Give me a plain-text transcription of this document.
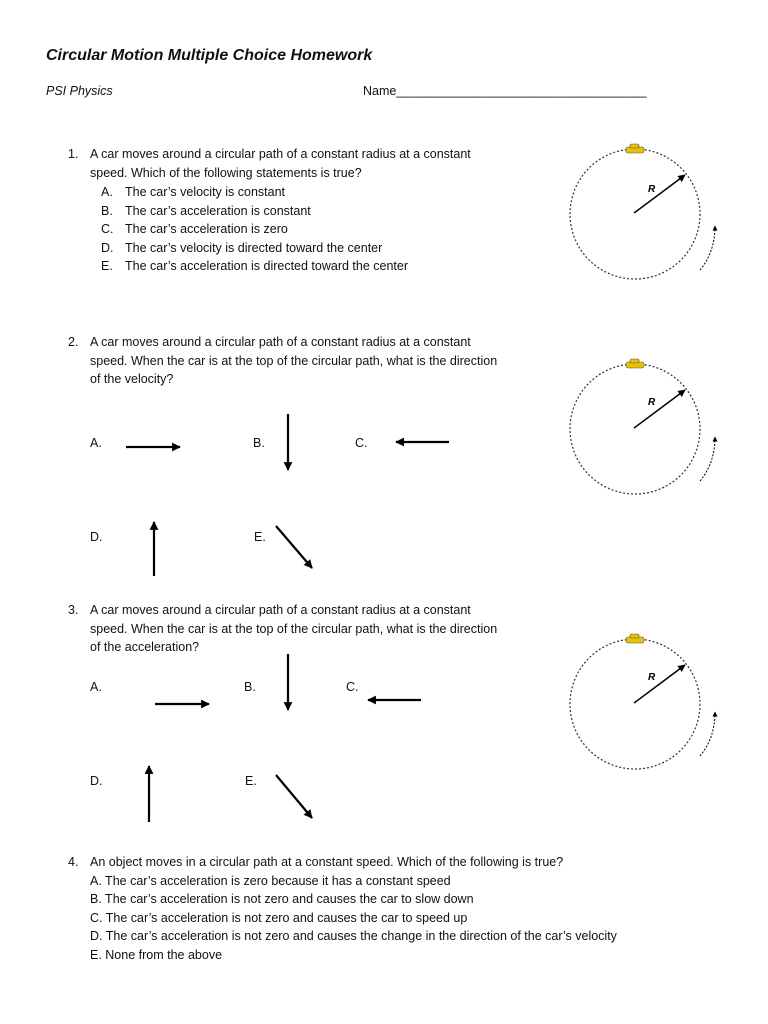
Circular Motion Multiple Choice Homework
PSI Physics	Name____________________________________
1. A car moves around a circular path of a constant radius at a constant
speed. Which of the following statements is true?
A. The car’s velocity is constant
B. The car’s acceleration is constant
C. The car’s acceleration is zero
D. The car’s velocity is directed toward the center
E. The car’s acceleration is directed toward the center
R
2. A car moves around a circular path of a constant radius at a constant
speed. When the car is at the top of the circular path, what is the direction
of the velocity?
A.	B.	C.
D.	E.
R
3. A car moves around a circular path of a constant radius at a constant
speed. When the car is at the top of the circular path, what is the direction
of the acceleration?
A.	B.	C.
D.	E.
R
4. An object moves in a circular path at a constant speed. Which of the following is true?
A. The car’s acceleration is zero because it has a constant speed
B. The car’s acceleration is not zero and causes the car to slow down
C. The car’s acceleration is not zero and causes the car to speed up
D. The car’s acceleration is not zero and causes the change in the direction of the car’s velocity
E. None from the above
